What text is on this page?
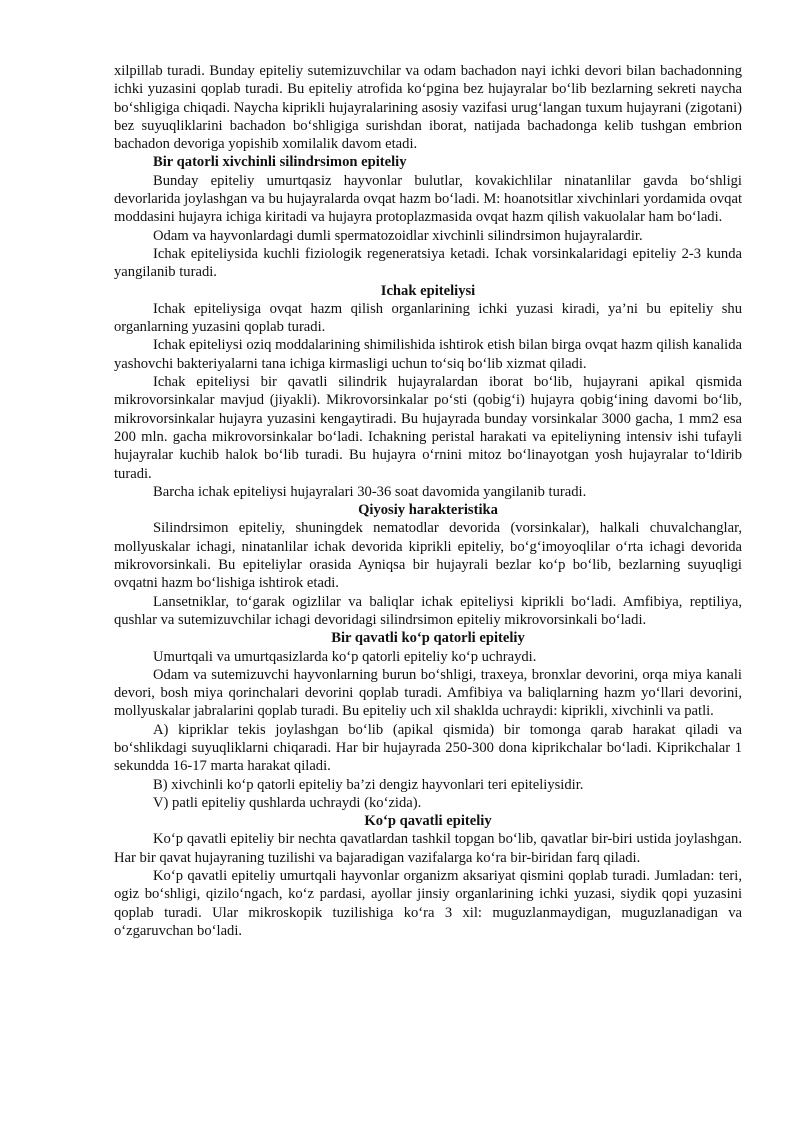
xilpillab turadi. Bunday epiteliy sutemizuvchilar va odam bachadon nayi ichki devori bilan bachadonning ichki yuzasini qoplab turadi. Bu epiteliy atrofida ko‘pgina bez hujayralar bo‘lib bezlarning sekreti naycha bo‘shligiga chiqadi. Naycha kiprikli hujayralarining asosiy vazifasi urug‘langan tuxum hujayrani (zigotani) bez suyuqliklarini bachadon bo‘shligiga surishdan iborat, natijada bachadonga kelib tushgan embrion bachadon devoriga yopishib xomilalik davom etadi.

Bir qatorli xivchinli silindrsimon epiteliy

Bunday epiteliy umurtqasiz hayvonlar bulutlar, kovakichlilar ninatanlilar gavda bo‘shligi devorlarida joylashgan va bu hujayralarda ovqat hazm bo‘ladi. M: hoanotsitlar xivchinlari yordamida ovqat moddasini hujayra ichiga kiritadi va hujayra protoplazmasida ovqat hazm qilish vakuolalar ham bo‘ladi.

Odam va hayvonlardagi dumli spermatozoidlar xivchinli silindrsimon hujayralardir.

Ichak epiteliysida kuchli fiziologik regeneratsiya ketadi. Ichak vorsinkalaridagi epiteliy 2-3 kunda yangilanib turadi.

Ichak epiteliysi

Ichak epiteliysiga ovqat hazm qilish organlarining ichki yuzasi kiradi, ya’ni bu epiteliy shu organlarning yuzasini qoplab turadi.

Ichak epiteliysi oziq moddalarining shimilishida ishtirok etish bilan birga ovqat hazm qilish kanalida yashovchi bakteriyalarni tana ichiga kirmasligi uchun to‘siq bo‘lib xizmat qiladi.

Ichak epiteliysi bir qavatli silindrik hujayralardan iborat bo‘lib, hujayrani apikal qismida mikrovorsinkalar mavjud (jiyakli). Mikrovorsinkalar po‘sti (qobig‘i) hujayra qobig‘ining davomi bo‘lib, mikrovorsinkalar hujayra yuzasini kengaytiradi. Bu hujayrada bunday vorsinkalar 3000 gacha, 1 mm2 esa 200 mln. gacha mikrovorsinkalar bo‘ladi. Ichakning peristal harakati va epiteliyning intensiv ishi tufayli hujayralar kuchib halok bo‘lib turadi. Bu hujayra o‘rnini mitoz bo‘linayotgan yosh hujayralar to‘ldirib turadi.

Barcha ichak epiteliysi hujayralari 30-36 soat davomida yangilanib turadi.

Qiyosiy harakteristika

Silindrsimon epiteliy, shuningdek nematodlar devorida (vorsinkalar), halkali chuvalchanglar, mollyuskalar ichagi, ninatanlilar ichak devorida kiprikli epiteliy, bo‘g‘imoyoqlilar o‘rta ichagi devorida mikrovorsinkali. Bu epiteliylar orasida Ayniqsa bir hujayrali bezlar ko‘p bo‘lib, bezlarning suyuqligi ovqatni hazm bo‘lishiga ishtirok etadi.

Lansetniklar, to‘garak ogizlilar va baliqlar ichak epiteliysi kiprikli bo‘ladi. Amfibiya, reptiliya, qushlar va sutemizuvchilar ichagi devoridagi silindrsimon epiteliy mikrovorsinkali bo‘ladi.

Bir qavatli ko‘p qatorli epiteliy

Umurtqali va umurtqasizlarda ko‘p qatorli epiteliy ko‘p uchraydi.

Odam va sutemizuvchi hayvonlarning burun bo‘shligi, traxeya, bronxlar devorini, orqa miya kanali devori, bosh miya qorinchalari devorini qoplab turadi. Amfibiya va baliqlarning hazm yo‘llari devorini, mollyuskalar jabralarini qoplab turadi. Bu epiteliy uch xil shaklda uchraydi: kiprikli, xivchinli va patli.

A) kipriklar tekis joylashgan bo‘lib (apikal qismida) bir tomonga qarab harakat qiladi va bo‘shlikdagi suyuqliklarni chiqaradi. Har bir hujayrada 250-300 dona kiprikchalar bo‘ladi. Kiprikchalar 1 sekundda 16-17 marta harakat qiladi.

B) xivchinli ko‘p qatorli epiteliy ba’zi dengiz hayvonlari teri epiteliysidir.

V) patli epiteliy qushlarda uchraydi (ko‘zida).

Ko‘p qavatli epiteliy

Ko‘p qavatli epiteliy bir nechta qavatlardan tashkil topgan bo‘lib, qavatlar bir-biri ustida joylashgan. Har bir qavat hujayraning tuzilishi va bajaradigan vazifalarga ko‘ra bir-biridan farq qiladi.

Ko‘p qavatli epiteliy umurtqali hayvonlar organizm aksariyat qismini qoplab turadi. Jumladan: teri, ogiz bo‘shligi, qizilo‘ngach, ko‘z pardasi, ayollar jinsiy organlarining ichki yuzasi, siydik qopi yuzasini qoplab turadi. Ular mikroskopik tuzilishiga ko‘ra 3 xil: muguzlanmaydigan, muguzlanadigan va o‘zgaruvchan bo‘ladi.
